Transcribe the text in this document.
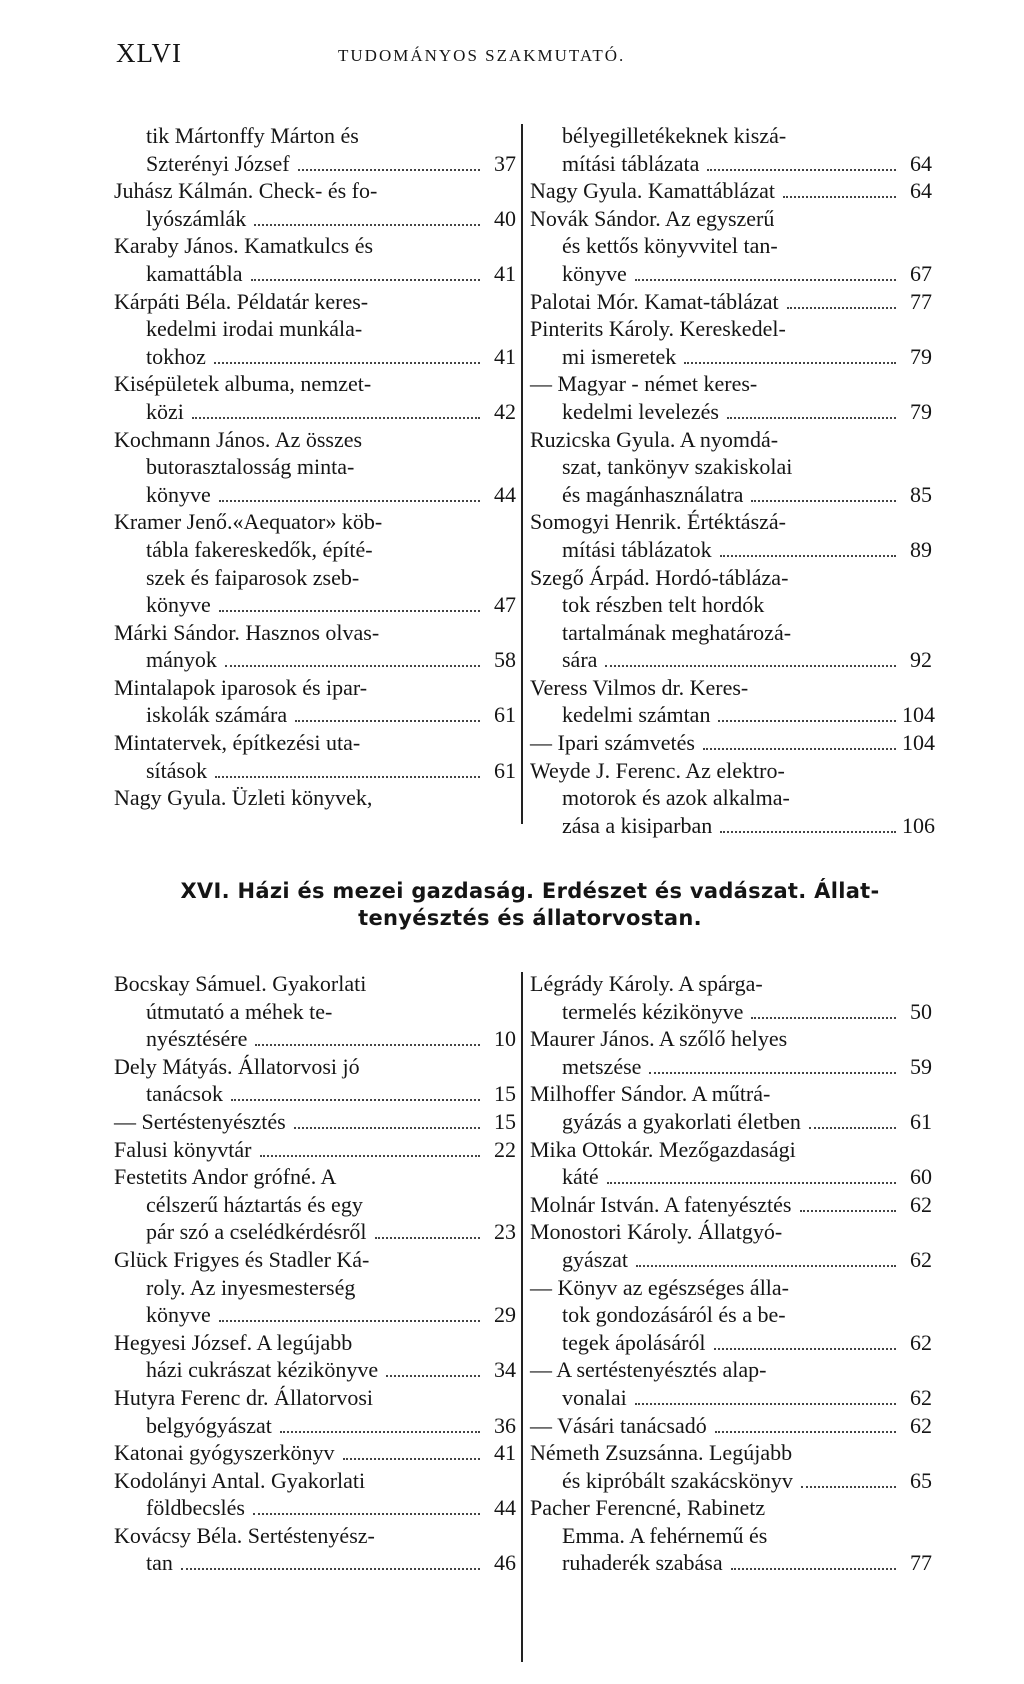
XLVI	TUDOMÁNYOS SZAKMUTATÓ.
tik Mártonffy Márton és
Szterényi József	37
Juhász Kálmán. Check- és fo-
lyószámlák	40
Karaby János. Kamatkulcs és
kamattábla	41
Kárpáti Béla. Példatár keres-
kedelmi irodai munkála-
tokhoz	41
Kisépületek albuma, nemzet-
közi	42
Kochmann János. Az összes
butorasztalosság minta-
könyve	44
Kramer Jenő.«Aequator» köb-
tábla fakereskedők, építé-
szek és faiparosok zseb-
könyve	47
Márki Sándor. Hasznos olvas-
mányok	58
Mintalapok iparosok és ipar-
iskolák számára	61
Mintatervek, építkezési uta-
sítások	61
Nagy Gyula. Üzleti könyvek,
bélyegilletékeknek kiszá-
mítási táblázata	64
Nagy Gyula. Kamattáblázat	64
Novák Sándor. Az egyszerű
és kettős könyvvitel tan-
könyve	67
Palotai Mór. Kamat-táblázat	77
Pinterits Károly. Kereskedel-
mi ismeretek	79
— Magyar - német keres-
kedelmi levelezés	79
Ruzicska Gyula. A nyomdá-
szat, tankönyv szakiskolai
és magánhasználatra	85
Somogyi Henrik. Értéktászá-
mítási táblázatok	89
Szegő Árpád. Hordó-tábláza-
tok részben telt hordók
tartalmának meghatározá-
sára	92
Veress Vilmos dr. Keres-
kedelmi számtan	104
— Ipari számvetés	104
Weyde J. Ferenc. Az elektro-
motorok és azok alkalma-
zása a kisiparban	106
XVI. Házi és mezei gazdaság. Erdészet és vadászat. Állat-
tenyésztés és állatorvostan.
Bocskay Sámuel. Gyakorlati
útmutató a méhek te-
nyésztésére	10
Dely Mátyás. Állatorvosi jó
tanácsok	15
— Sertéstenyésztés	15
Falusi könyvtár	22
Festetits Andor grófné. A
célszerű háztartás és egy
pár szó a cselédkérdésről	23
Glück Frigyes és Stadler Ká-
roly. Az inyesmesterség
könyve	29
Hegyesi József. A legújabb
házi cukrászat kézikönyve	34
Hutyra Ferenc dr. Állatorvosi
belgyógyászat	36
Katonai gyógyszerkönyv	41
Kodolányi Antal. Gyakorlati
földbecslés	44
Kovácsy Béla. Sertéstenyész-
tan	46
Légrády Károly. A spárga-
termelés kézikönyve	50
Maurer János. A szőlő helyes
metszése	59
Milhoffer Sándor. A műtrá-
gyázás a gyakorlati életben	61
Mika Ottokár. Mezőgazdasági
káté	60
Molnár István. A fatenyésztés	62
Monostori Károly. Állatgyó-
gyászat	62
— Könyv az egészséges álla-
tok gondozásáról és a be-
tegek ápolásáról	62
— A sertéstenyésztés alap-
vonalai	62
— Vásári tanácsadó	62
Németh Zsuzsánna. Legújabb
és kipróbált szakácskönyv	65
Pacher Ferencné, Rabinetz
Emma. A fehérnemű és
ruhaderék szabása	77
